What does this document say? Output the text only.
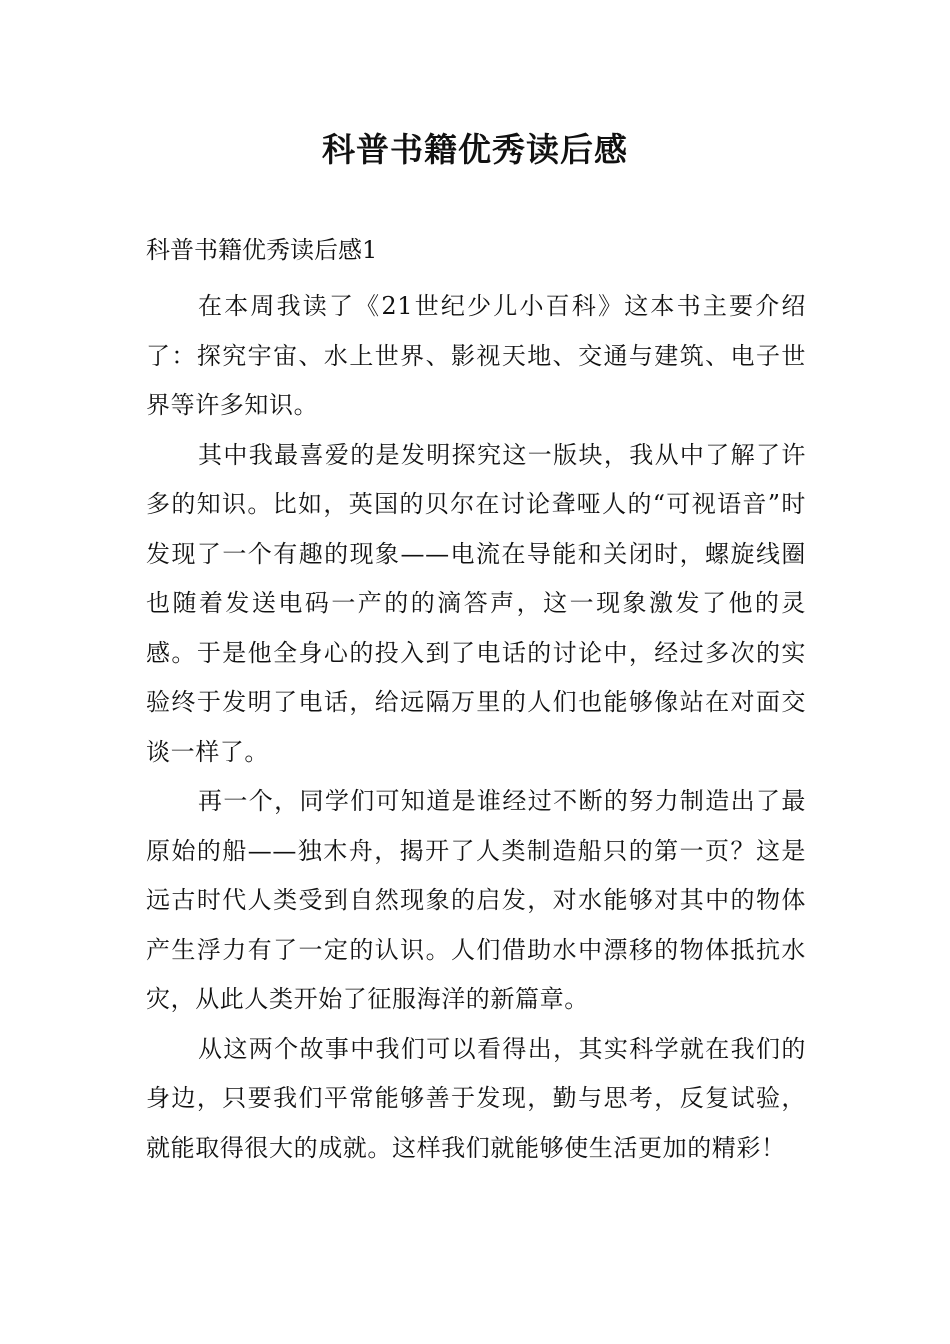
科普书籍优秀读后感
科普书籍优秀读后感1

在本周我读了《21世纪少儿小百科》这本书主要介绍了：探究宇宙、水上世界、影视天地、交通与建筑、电子世界等许多知识。

其中我最喜爱的是发明探究这一版块，我从中了解了许多的知识。比如，英国的贝尔在讨论聋哑人的“可视语音”时发现了一个有趣的现象——电流在导能和关闭时，螺旋线圈也随着发送电码一产的的滴答声，这一现象激发了他的灵感。于是他全身心的投入到了电话的讨论中，经过多次的实验终于发明了电话，给远隔万里的人们也能够像站在对面交谈一样了。

再一个，同学们可知道是谁经过不断的努力制造出了最原始的船——独木舟，揭开了人类制造船只的第一页？这是远古时代人类受到自然现象的启发，对水能够对其中的物体产生浮力有了一定的认识。人们借助水中漂移的物体抵抗水灾，从此人类开始了征服海洋的新篇章。

从这两个故事中我们可以看得出，其实科学就在我们的身边，只要我们平常能够善于发现，勤与思考，反复试验，就能取得很大的成就。这样我们就能够使生活更加的精彩！
